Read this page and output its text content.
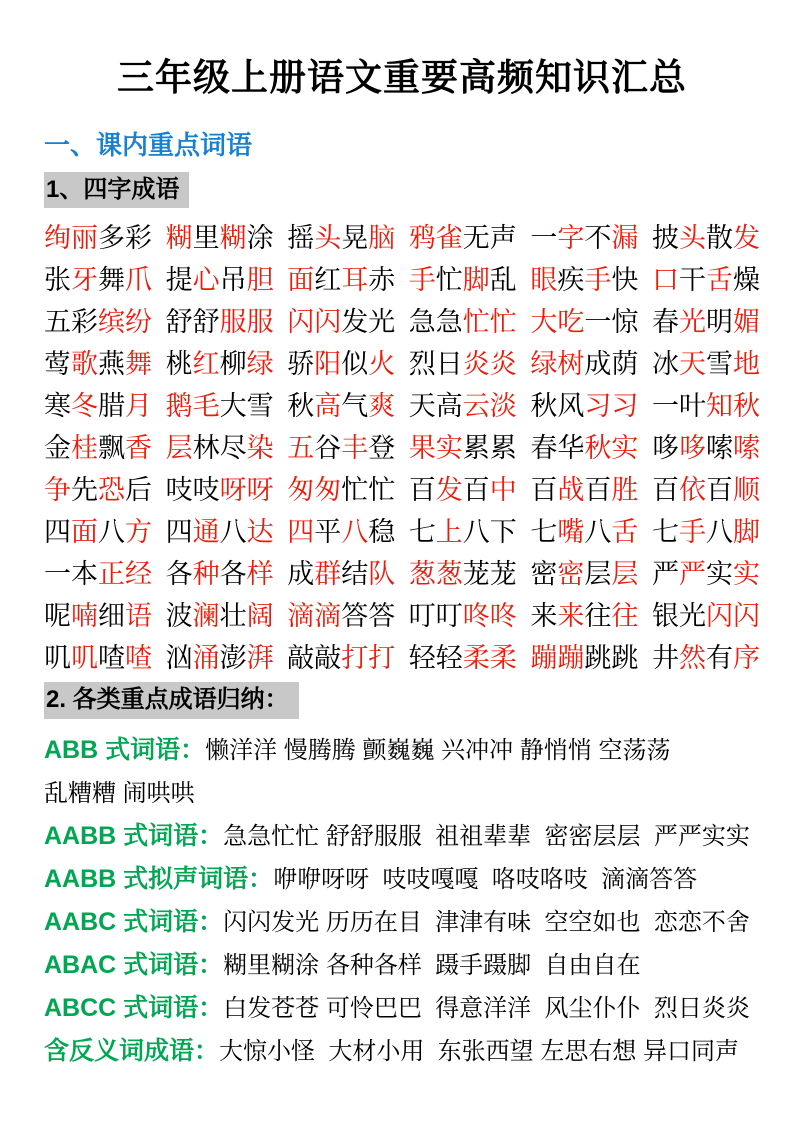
三年级上册语文重要高频知识汇总
一、课内重点词语
1、四字成语
绚丽多彩 糊里糊涂 摇头晃脑 鸦雀无声 一字不漏 披头散发
张牙舞爪 提心吊胆 面红耳赤 手忙脚乱 眼疾手快 口干舌燥
五彩缤纷 舒舒服服 闪闪发光 急急忙忙 大吃一惊 春光明媚
莺歌燕舞 桃红柳绿 骄阳似火 烈日炎炎 绿树成荫 冰天雪地
寒冬腊月 鹅毛大雪 秋高气爽 天高云淡 秋风习习 一叶知秋
金桂飘香 层林尽染 五谷丰登 果实累累 春华秋实 哆哆嗦嗦
争先恐后 吱吱呀呀 匆匆忙忙 百发百中 百战百胜 百依百顺
四面八方 四通八达 四平八稳 七上八下 七嘴八舌 七手八脚
一本正经 各种各样 成群结队 葱葱茏茏 密密层层 严严实实
呢喃细语 波澜壮阔 滴滴答答 叮叮咚咚 来来往往 银光闪闪
叽叽喳喳 汹涌澎湃 敲敲打打 轻轻柔柔 蹦蹦跳跳 井然有序
2. 各类重点成语归纳：
ABB 式词语：懒洋洋 慢腾腾 颤巍巍 兴冲冲 静悄悄 空荡荡
乱糟糟 闹哄哄
AABB 式词语：急急忙忙 舒舒服服  祖祖辈辈  密密层层  严严实实
AABB 式拟声词语：咿咿呀呀  吱吱嘎嘎  咯吱咯吱  滴滴答答
AABC 式词语：闪闪发光 历历在目  津津有味  空空如也  恋恋不舍
ABAC 式词语：糊里糊涂 各种各样  蹑手蹑脚  自由自在
ABCC 式词语：白发苍苍 可怜巴巴  得意洋洋  风尘仆仆  烈日炎炎
含反义词成语：大惊小怪  大材小用  东张西望 左思右想 异口同声
